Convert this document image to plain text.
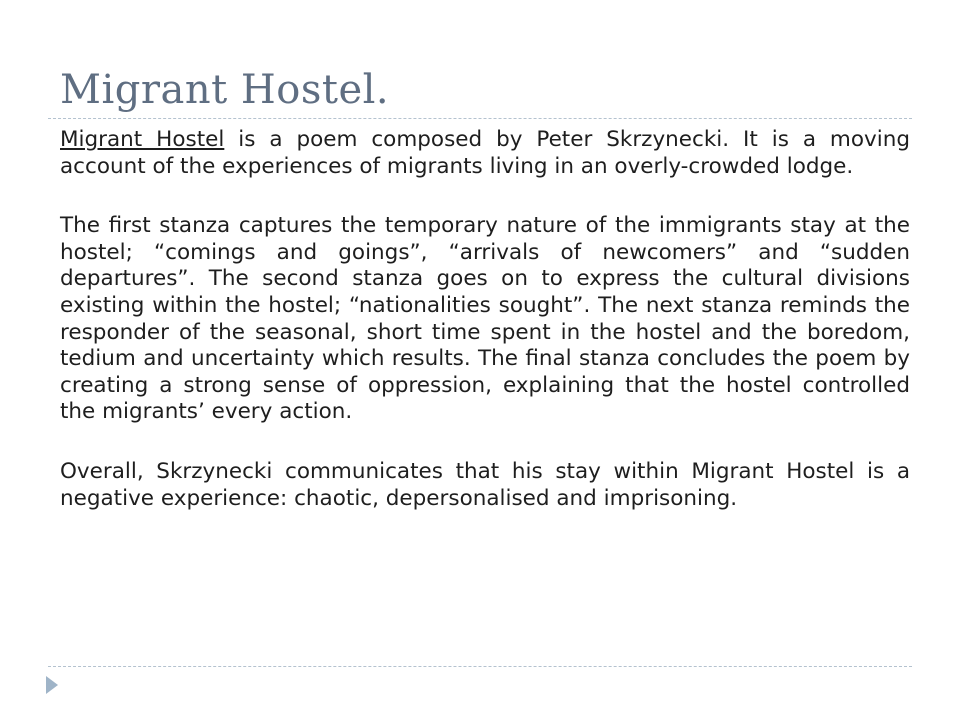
Migrant Hostel.

Migrant Hostel is a poem composed by Peter Skrzynecki. It is a moving account of the experiences of migrants living in an overly-crowded lodge.

The first stanza captures the temporary nature of the immigrants stay at the hostel; “comings and goings”, “arrivals of newcomers” and “sudden departures”. The second stanza goes on to express the cultural divisions existing within the hostel; “nationalities sought”. The next stanza reminds the responder of the seasonal, short time spent in the hostel and the boredom, tedium and uncertainty which results. The final stanza concludes the poem by creating a strong sense of oppression, explaining that the hostel controlled the migrants’ every action.

Overall, Skrzynecki communicates that his stay within Migrant Hostel is a negative experience: chaotic, depersonalised and imprisoning.
